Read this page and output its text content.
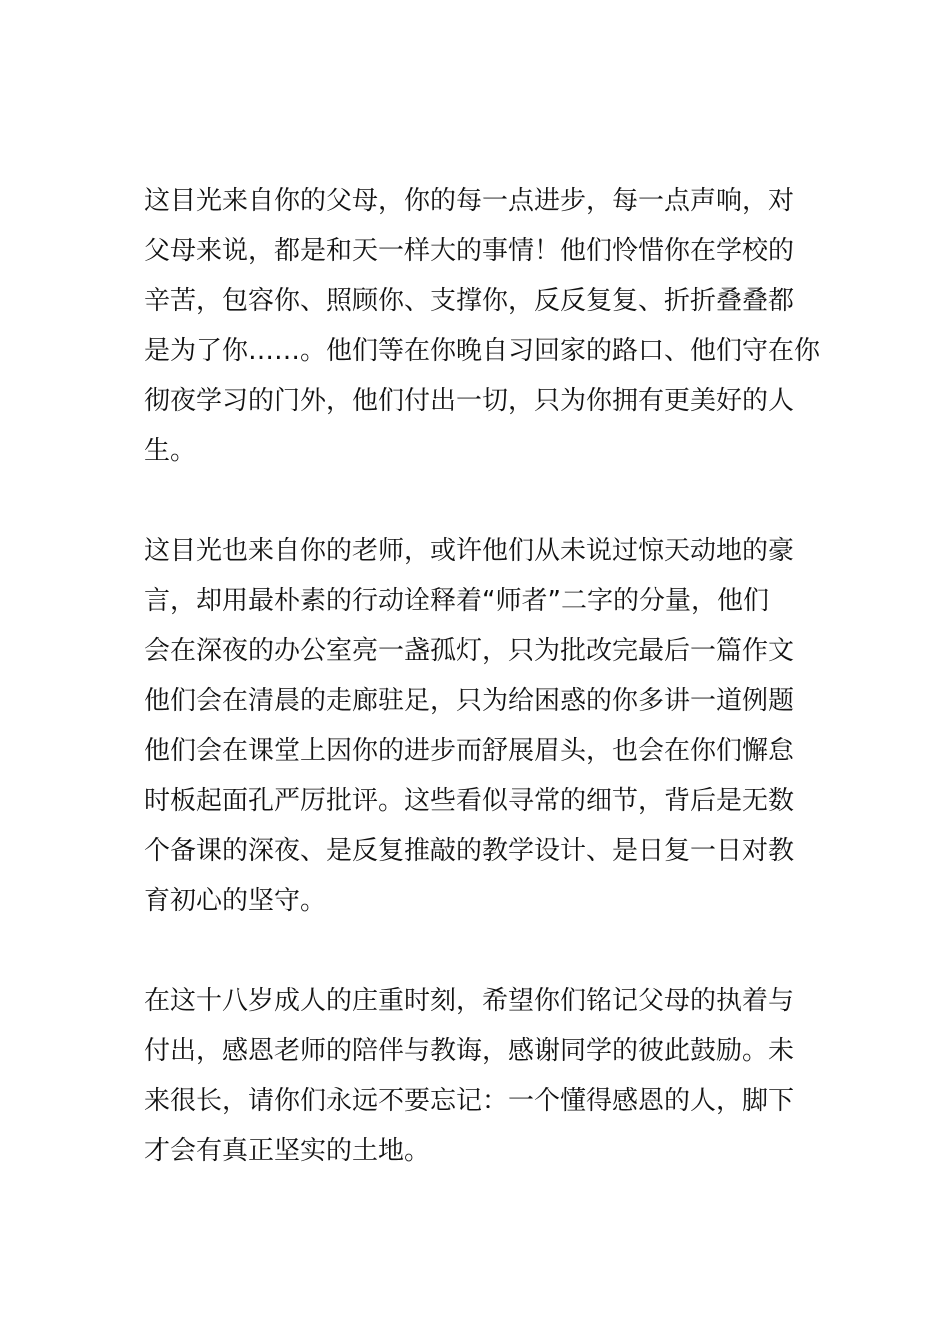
这目光来自你的父母，你的每一点进步，每一点声响，对
父母来说，都是和天一样大的事情！他们怜惜你在学校的
辛苦，包容你、照顾你、支撑你，反反复复、折折叠叠都
是为了你……。他们等在你晚自习回家的路口、他们守在你
彻夜学习的门外，他们付出一切，只为你拥有更美好的人
生。

这目光也来自你的老师，或许他们从未说过惊天动地的豪
言，却用最朴素的行动诠释着“师者”二字的分量，他们
会在深夜的办公室亮一盏孤灯，只为批改完最后一篇作文
他们会在清晨的走廊驻足，只为给困惑的你多讲一道例题
他们会在课堂上因你的进步而舒展眉头，也会在你们懈怠
时板起面孔严厉批评。这些看似寻常的细节，背后是无数
个备课的深夜、是反复推敲的教学设计、是日复一日对教
育初心的坚守。

在这十八岁成人的庄重时刻，希望你们铭记父母的执着与
付出，感恩老师的陪伴与教诲，感谢同学的彼此鼓励。未
来很长，请你们永远不要忘记：一个懂得感恩的人，脚下
才会有真正坚实的土地。
